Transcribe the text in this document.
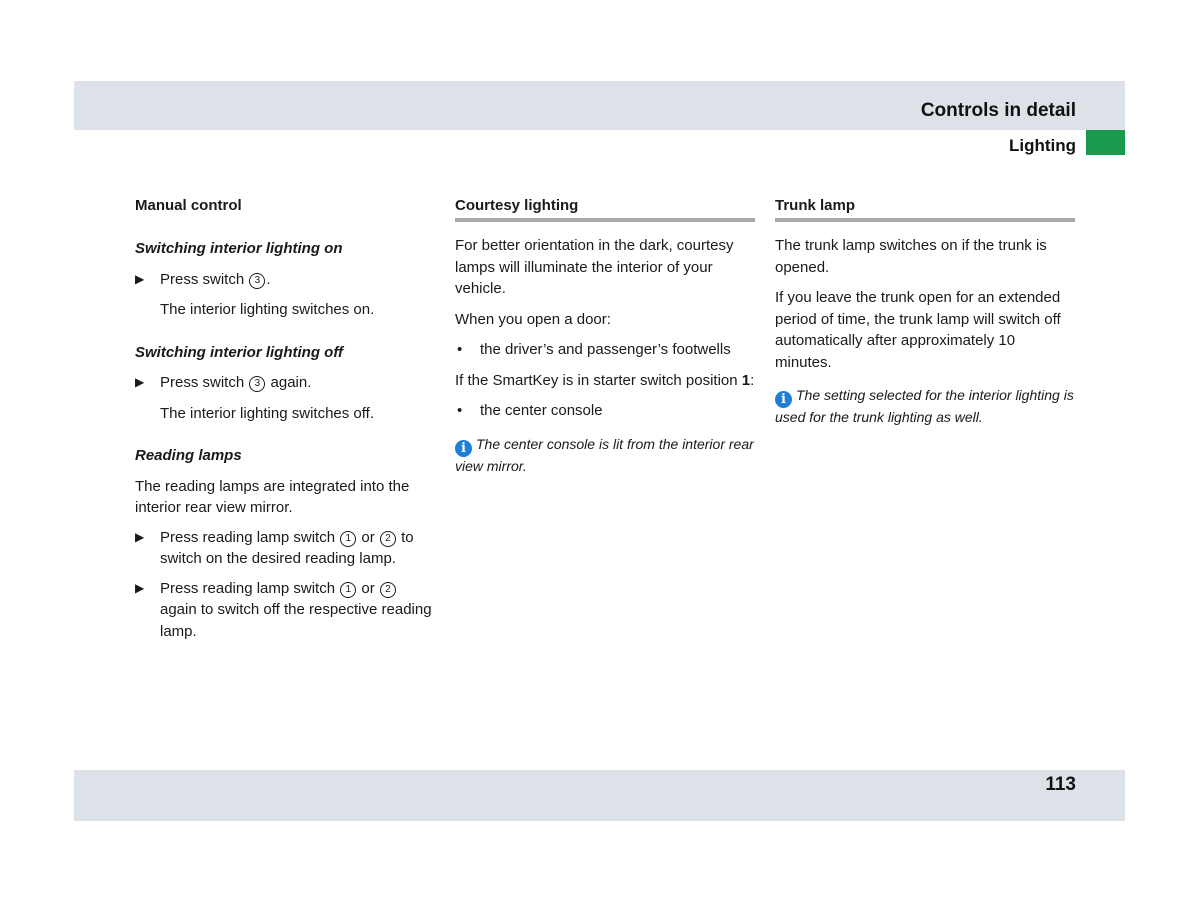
Controls in detail
Lighting

Manual control

Switching interior lighting on

▶ Press switch 3 .

The interior lighting switches on.

Switching interior lighting off

▶ Press switch 3 again.

The interior lighting switches off.

Reading lamps

The reading lamps are integrated into the interior rear view mirror.

▶ Press reading lamp switch 1 or 2 to switch on the desired reading lamp.
▶ Press reading lamp switch 1 or 2 again to switch off the respective reading lamp.

Courtesy lighting

For better orientation in the dark, courtesy lamps will illuminate the interior of your vehicle.

When you open a door:

• the driver’s and passenger’s footwells

If the SmartKey is in starter switch position 1:

• the center console

i The center console is lit from the interior rear view mirror.

Trunk lamp

The trunk lamp switches on if the trunk is opened.

If you leave the trunk open for an extended period of time, the trunk lamp will switch off automatically after approximately 10 minutes.

i The setting selected for the interior lighting is used for the trunk lighting as well.

113
